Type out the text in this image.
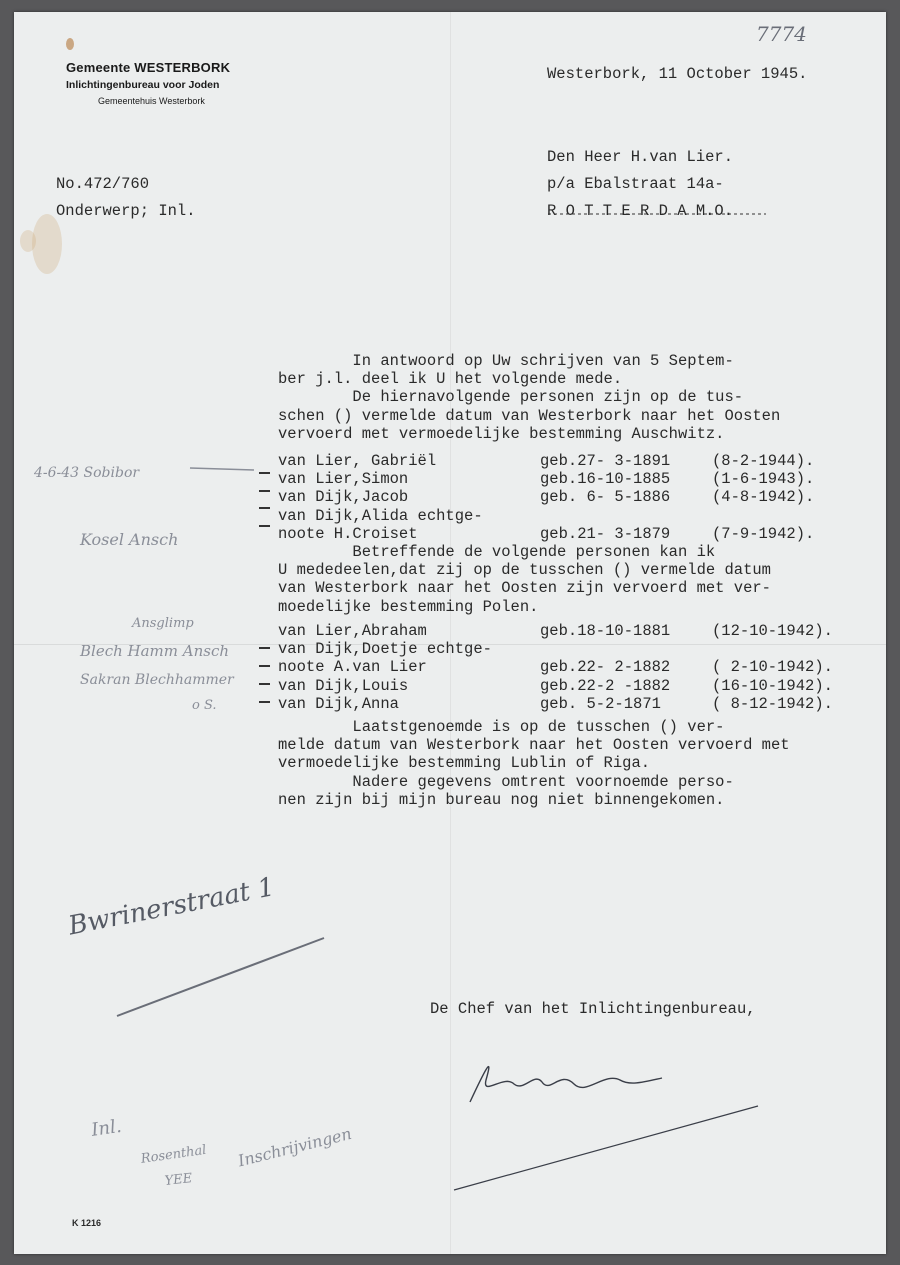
7774
Gemeente WESTERBORK
Inlichtingenbureau voor Joden
Gemeentehuis Westerbork
Westerbork, 11 October 1945.
Den Heer H.van Lier.
p/a Ebalstraat 14a-
R O T T E R D A M.O.
No.472/760
Onderwerp; Inl.
In antwoord op Uw schrijven van 5 Septem-
ber j.l. deel ik U het volgende mede.
De hiernavolgende personen zijn op de tus-
schen () vermelde datum van Westerbork naar het Oosten
vervoerd met vermoedelijke bestemming Auschwitz.
van Lier, Gabriël	geb.27- 3-1891	(8-2-1944).
van Lier,Simon	geb.16-10-1885	(1-6-1943).
van Dijk,Jacob	geb. 6- 5-1886	(4-8-1942).
van Dijk,Alida echtge-
noote H.Croiset	geb.21- 3-1879	(7-9-1942).
Betreffende de volgende personen kan ik
U mededeelen,dat zij op de tusschen () vermelde datum
van Westerbork naar het Oosten zijn vervoerd met ver-
moedelijke bestemming Polen.
van Lier,Abraham	geb.18-10-1881	(12-10-1942).
van Dijk,Doetje echtge-
noote A.van Lier	geb.22- 2-1882	( 2-10-1942).
van Dijk,Louis	geb.22-2 -1882	(16-10-1942).
van Dijk,Anna	geb. 5-2-1871	( 8-12-1942).
Laatstgenoemde is op de tusschen () ver-
melde datum van Westerbork naar het Oosten vervoerd met
vermoedelijke bestemming Lublin of Riga.
Nadere gegevens omtrent voornoemde perso-
nen zijn bij mijn bureau nog niet binnengekomen.
De Chef van het Inlichtingenbureau,
4-6-43 Sobibor
Kosel Ansch
Ansglimp
Blech Hamm Ansch
Sakran Blechhammer
o S.
Bwrinerstraat 1
Inl.
Rosenthal
YEE
Inschrijvingen
K 1216
